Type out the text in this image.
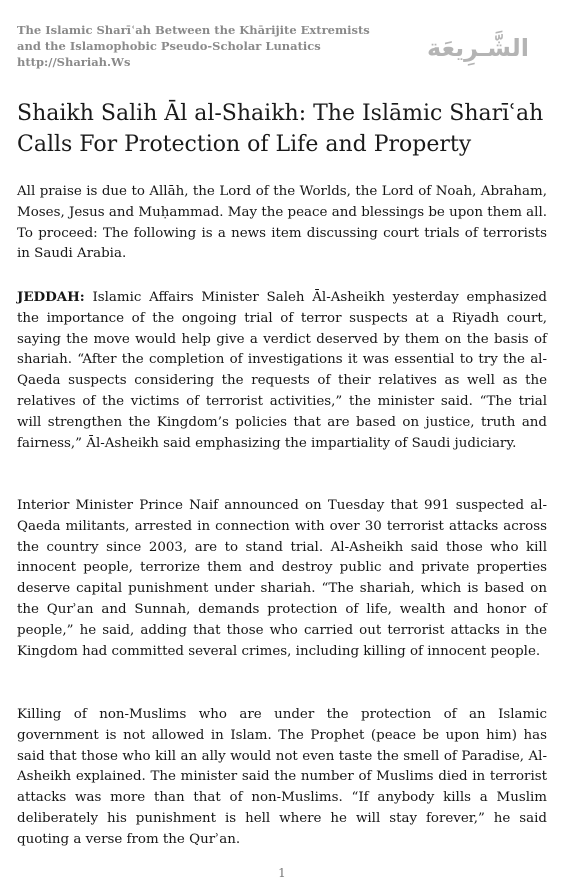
The Islamic Sharīʿah Between the Khārijite Extremists
and the Islamophobic Pseudo-Scholar Lunatics
http://Shariah.Ws	الشَّـرِيعَة
Shaikh Salih Āl al-Shaikh: The Islāmic Sharīʿah Calls For Protection of Life and Property

All praise is due to Allāh, the Lord of the Worlds, the Lord of Noah, Abraham, Moses, Jesus and Muḥammad. May the peace and blessings be upon them all. To proceed: The following is a news item discussing court trials of terrorists in Saudi Arabia.

JEDDAH: Islamic Affairs Minister Saleh Āl-Asheikh yesterday emphasized the importance of the ongoing trial of terror suspects at a Riyadh court, saying the move would help give a verdict deserved by them on the basis of shariah. “After the completion of investigations it was essential to try the al-Qaeda suspects considering the requests of their relatives as well as the relatives of the victims of terrorist activities,” the minister said. “The trial will strengthen the Kingdom’s policies that are based on justice, truth and fairness,” Āl-Asheikh said emphasizing the impartiality of Saudi judiciary.

Interior Minister Prince Naif announced on Tuesday that 991 suspected al-Qaeda militants, arrested in connection with over 30 terrorist attacks across the country since 2003, are to stand trial. Al-Asheikh said those who kill innocent people, terrorize them and destroy public and private properties deserve capital punishment under shariah. “The shariah, which is based on the Qurʾan and Sunnah, demands protection of life, wealth and honor of people,” he said, adding that those who carried out terrorist attacks in the Kingdom had committed several crimes, including killing of innocent people.

Killing of non-Muslims who are under the protection of an Islamic government is not allowed in Islam. The Prophet (peace be upon him) has said that those who kill an ally would not even taste the smell of Paradise, Al-Asheikh explained. The minister said the number of Muslims died in terrorist attacks was more than that of non-Muslims. “If anybody kills a Muslim deliberately his punishment is hell where he will stay forever,” he said quoting a verse from the Qurʾan.

1
